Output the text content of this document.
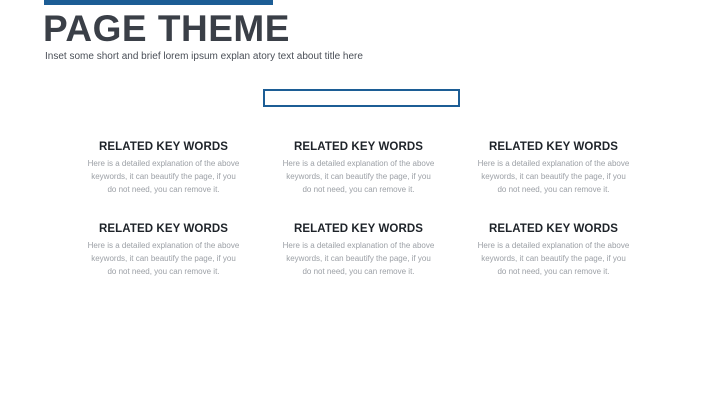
PAGE THEME
Inset some short and brief lorem ipsum explan atory text about title here
RELATED KEY WORDS
Here is a detailed explanation of the above
keywords, it can beautify the page, if you
do not need, you can remove it.
RELATED KEY WORDS
Here is a detailed explanation of the above
keywords, it can beautify the page, if you
do not need, you can remove it.
RELATED KEY WORDS
Here is a detailed explanation of the above
keywords, it can beautify the page, if you
do not need, you can remove it.
RELATED KEY WORDS
Here is a detailed explanation of the above
keywords, it can beautify the page, if you
do not need, you can remove it.
RELATED KEY WORDS
Here is a detailed explanation of the above
keywords, it can beautify the page, if you
do not need, you can remove it.
RELATED KEY WORDS
Here is a detailed explanation of the above
keywords, it can beautify the page, if you
do not need, you can remove it.
